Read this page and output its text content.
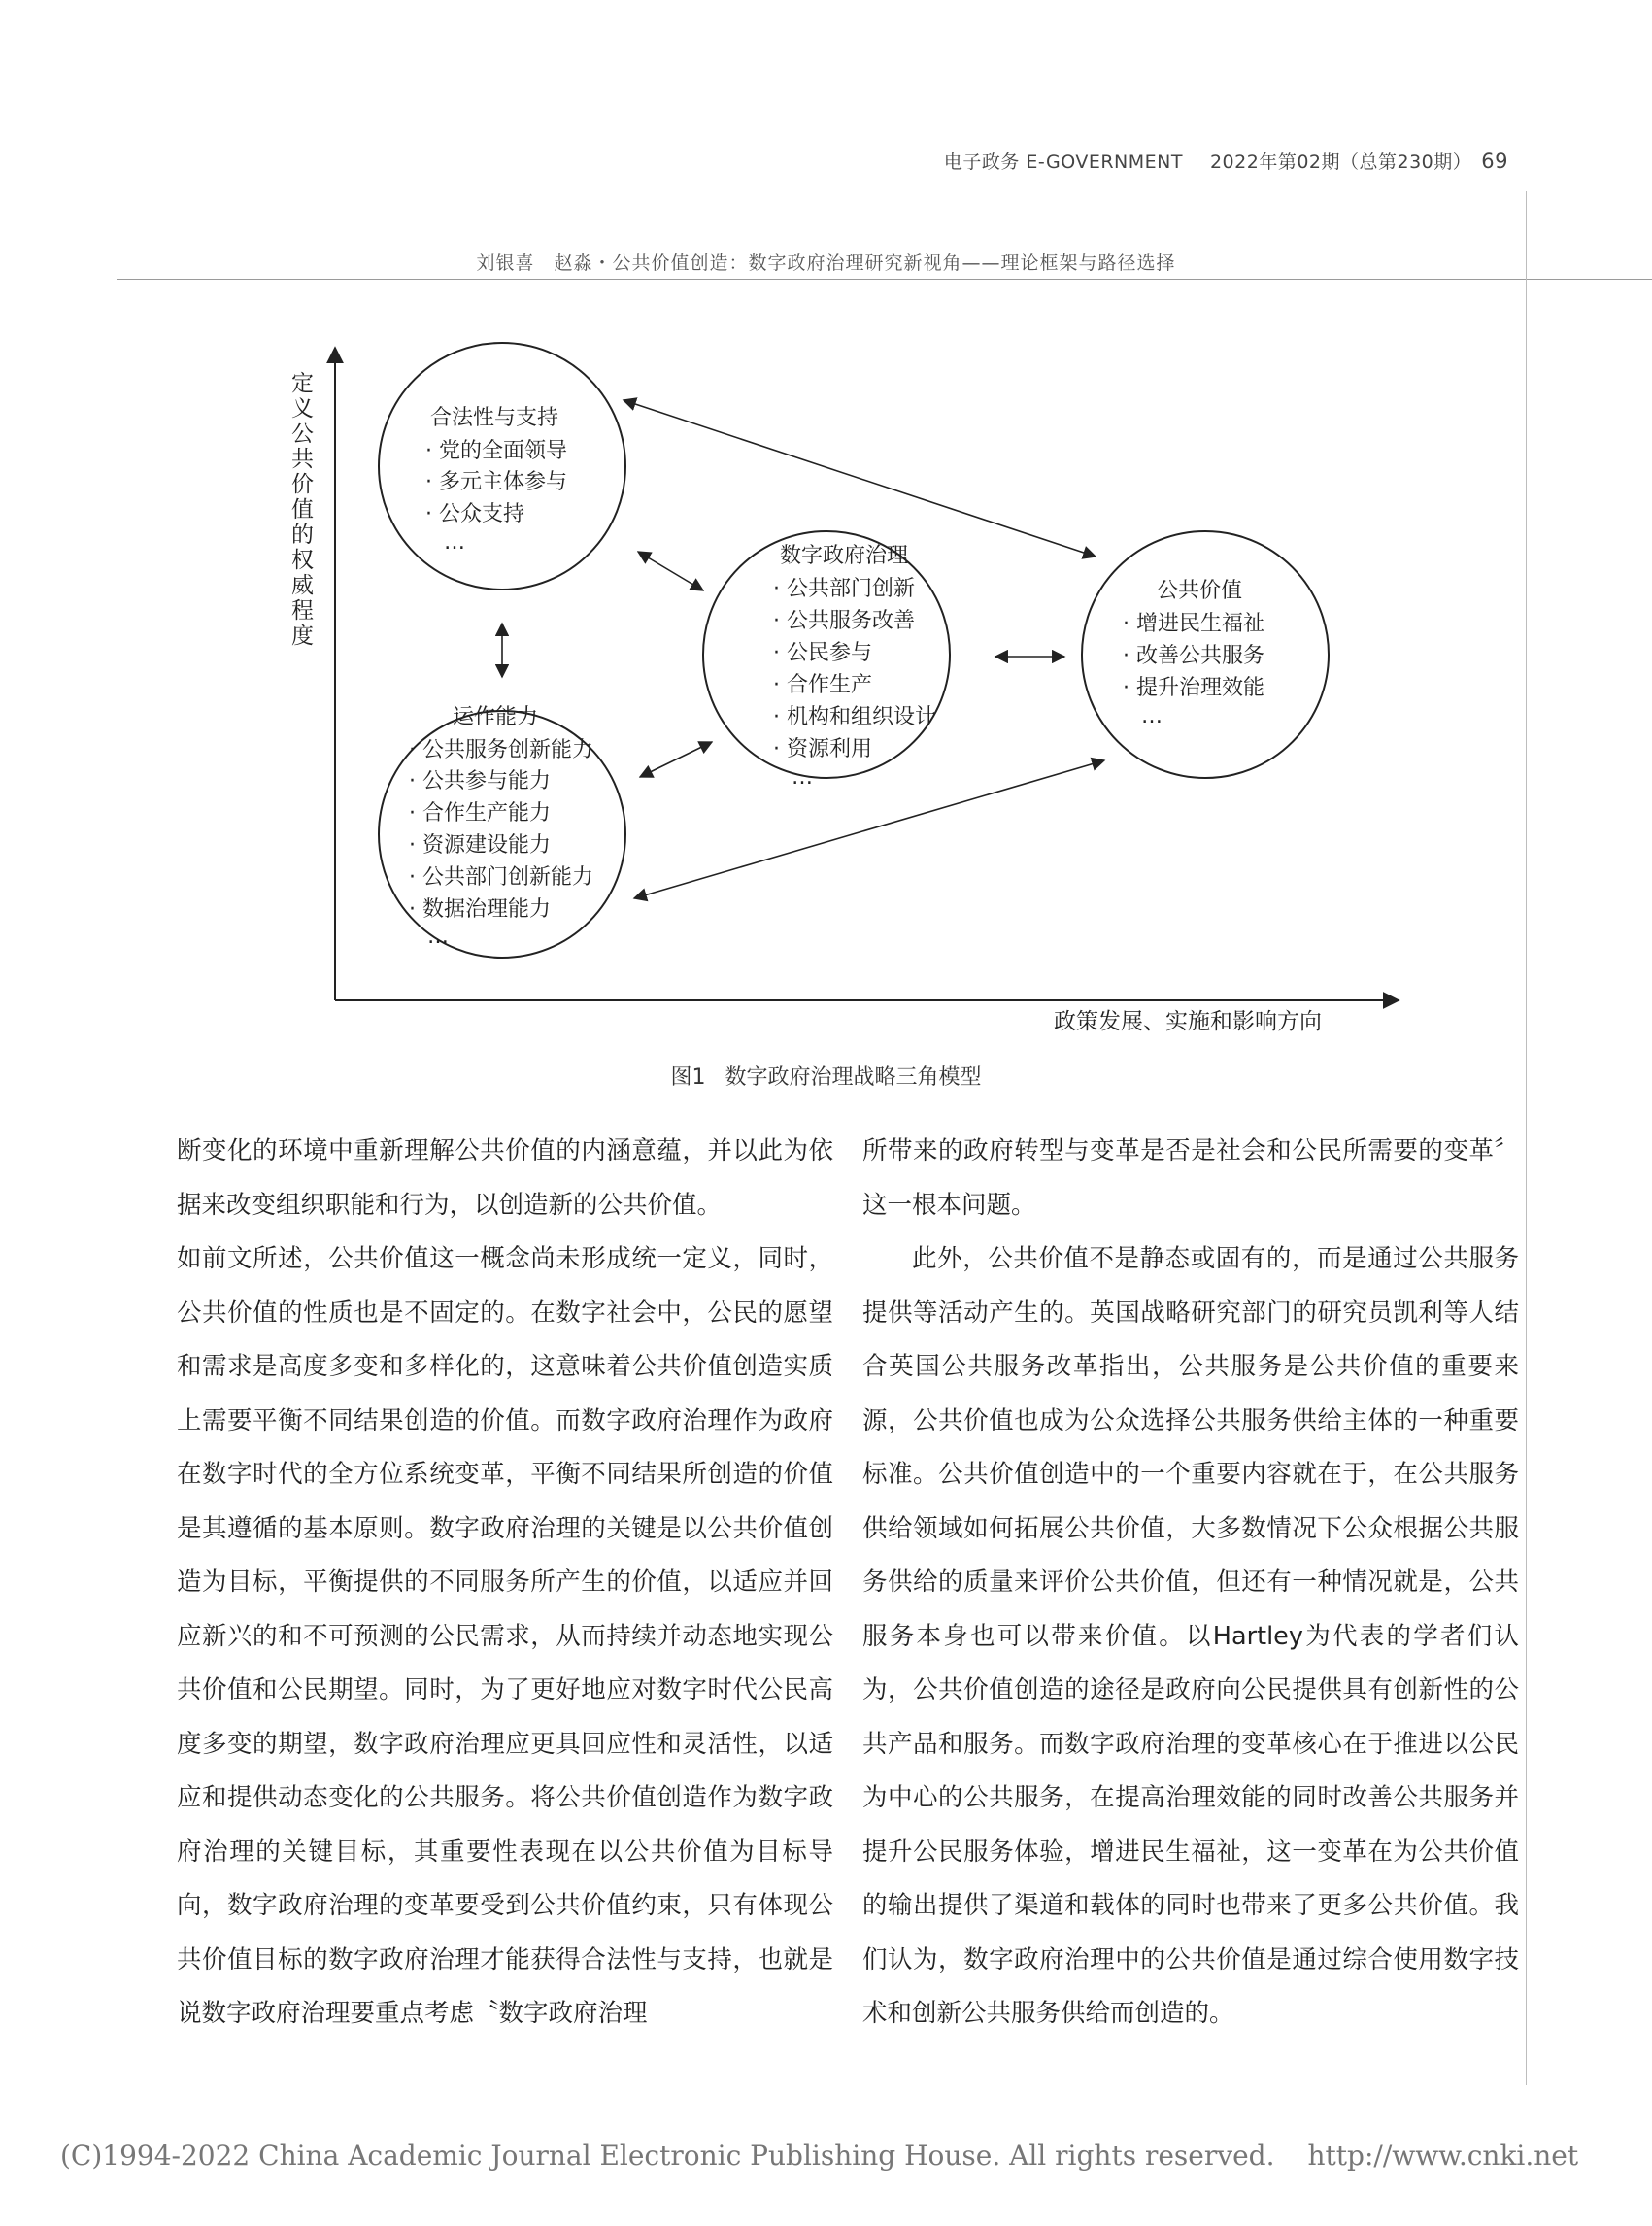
电子政务 E-GOVERNMENT 2022年第02期（总第230期） 69
刘银喜　赵淼・公共价值创造：数字政府治理研究新视角——理论框架与路径选择
定义公共价值的权威程度
合法性与支持
· 党的全面领导
· 多元主体参与
· 公众支持
…
运作能力
· 公共服务创新能力
· 公共参与能力
· 合作生产能力
· 资源建设能力
· 公共部门创新能力
· 数据治理能力
…
数字政府治理
· 公共部门创新
· 公共服务改善
· 公民参与
· 合作生产
· 机构和组织设计
· 资源利用
…
公共价值
· 增进民生福祉
· 改善公共服务
· 提升治理效能
…
政策发展、实施和影响方向
图1 数字政府治理战略三角模型

断变化的环境中重新理解公共价值的内涵意蕴，并以此为依据来改变组织职能和行为，以创造新的公共价值。

如前文所述，公共价值这一概念尚未形成统一定义，同时，公共价值的性质也是不固定的。在数字社会中，公民的愿望和需求是高度多变和多样化的，这意味着公共价值创造实质上需要平衡不同结果创造的价值。而数字政府治理作为政府在数字时代的全方位系统变革，平衡不同结果所创造的价值是其遵循的基本原则。数字政府治理的关键是以公共价值创造为目标，平衡提供的不同服务所产生的价值，以适应并回应新兴的和不可预测的公民需求，从而持续并动态地实现公共价值和公民期望。同时，为了更好地应对数字时代公民高度多变的期望，数字政府治理应更具回应性和灵活性，以适应和提供动态变化的公共服务。将公共价值创造作为数字政府治理的关键目标，其重要性表现在以公共价值为目标导向，数字政府治理的变革要受到公共价值约束，只有体现公共价值目标的数字政府治理才能获得合法性与支持，也就是说数字政府治理要重点考虑〝数字政府治理

所带来的政府转型与变革是否是社会和公民所需要的变革〞这一根本问题。

此外，公共价值不是静态或固有的，而是通过公共服务提供等活动产生的。英国战略研究部门的研究员凯利等人结合英国公共服务改革指出，公共服务是公共价值的重要来源，公共价值也成为公众选择公共服务供给主体的一种重要标准。公共价值创造中的一个重要内容就在于，在公共服务供给领域如何拓展公共价值，大多数情况下公众根据公共服务供给的质量来评价公共价值，但还有一种情况就是，公共服务本身也可以带来价值。以Hartley为代表的学者们认为，公共价值创造的途径是政府向公民提供具有创新性的公共产品和服务。而数字政府治理的变革核心在于推进以公民为中心的公共服务，在提高治理效能的同时改善公共服务并提升公民服务体验，增进民生福祉，这一变革在为公共价值的输出提供了渠道和载体的同时也带来了更多公共价值。我们认为，数字政府治理中的公共价值是通过综合使用数字技术和创新公共服务供给而创造的。

(C)1994-2022 China Academic Journal Electronic Publishing House. All rights reserved. http://www.cnki.net
